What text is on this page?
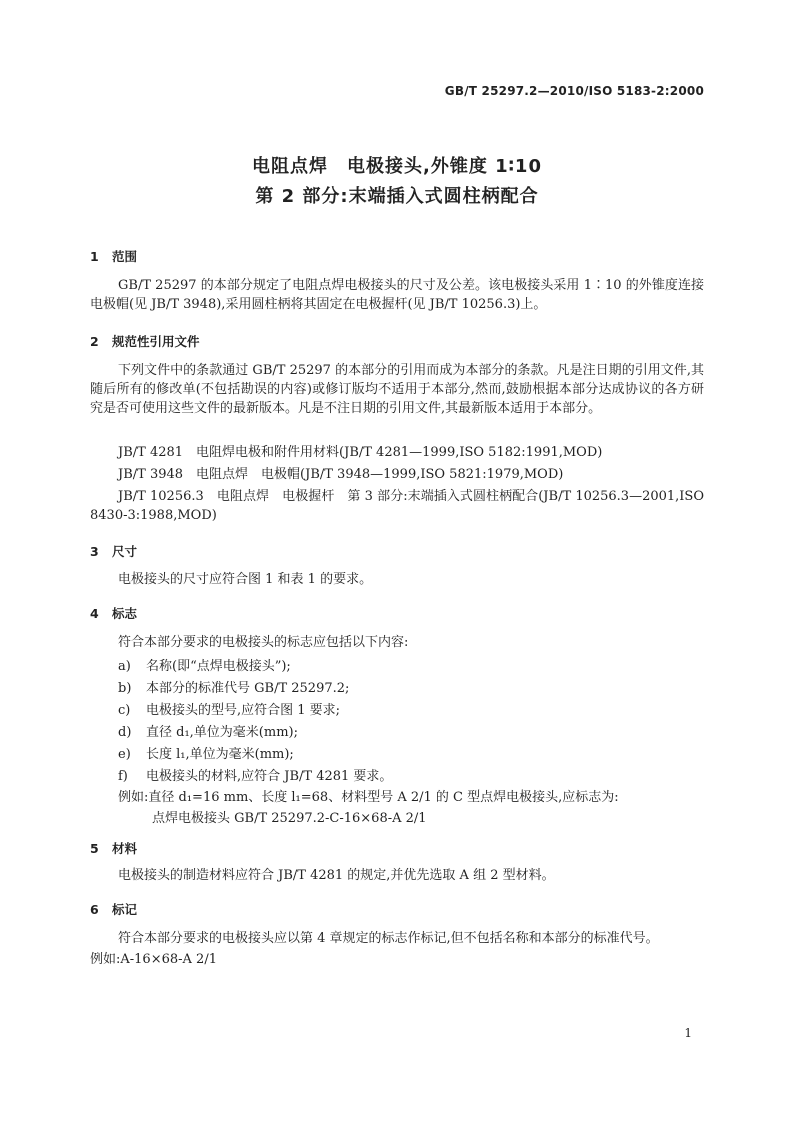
GB/T 25297.2—2010/ISO 5183-2:2000
电阻点焊　电极接头,外锥度 1∶10
第 2 部分:末端插入式圆柱柄配合
1 范围
GB/T 25297 的本部分规定了电阻点焊电极接头的尺寸及公差。该电极接头采用 1∶10 的外锥度连接电极帽(见 JB/T 3948),采用圆柱柄将其固定在电极握杆(见 JB/T 10256.3)上。
2 规范性引用文件
下列文件中的条款通过 GB/T 25297 的本部分的引用而成为本部分的条款。凡是注日期的引用文件,其随后所有的修改单(不包括勘误的内容)或修订版均不适用于本部分,然而,鼓励根据本部分达成协议的各方研究是否可使用这些文件的最新版本。凡是不注日期的引用文件,其最新版本适用于本部分。
JB/T 4281　电阻焊电极和附件用材料(JB/T 4281—1999,ISO 5182:1991,MOD)
JB/T 3948　电阻点焊　电极帽(JB/T 3948—1999,ISO 5821:1979,MOD)
JB/T 10256.3　电阻点焊　电极握杆　第 3 部分:末端插入式圆柱柄配合(JB/T 10256.3—2001,ISO 8430-3:1988,MOD)
3 尺寸
电极接头的尺寸应符合图 1 和表 1 的要求。
4 标志
符合本部分要求的电极接头的标志应包括以下内容:
a) 名称(即“点焊电极接头”);
b) 本部分的标准代号 GB/T 25297.2;
c) 电极接头的型号,应符合图 1 要求;
d) 直径 d₁,单位为毫米(mm);
e) 长度 l₁,单位为毫米(mm);
f) 电极接头的材料,应符合 JB/T 4281 要求。
例如:直径 d₁=16 mm、长度 l₁=68、材料型号 A 2/1 的 C 型点焊电极接头,应标志为:
点焊电极接头 GB/T 25297.2-C-16×68-A 2/1
5 材料
电极接头的制造材料应符合 JB/T 4281 的规定,并优先选取 A 组 2 型材料。
6 标记
符合本部分要求的电极接头应以第 4 章规定的标志作标记,但不包括名称和本部分的标准代号。
例如:A-16×68-A 2/1
1
